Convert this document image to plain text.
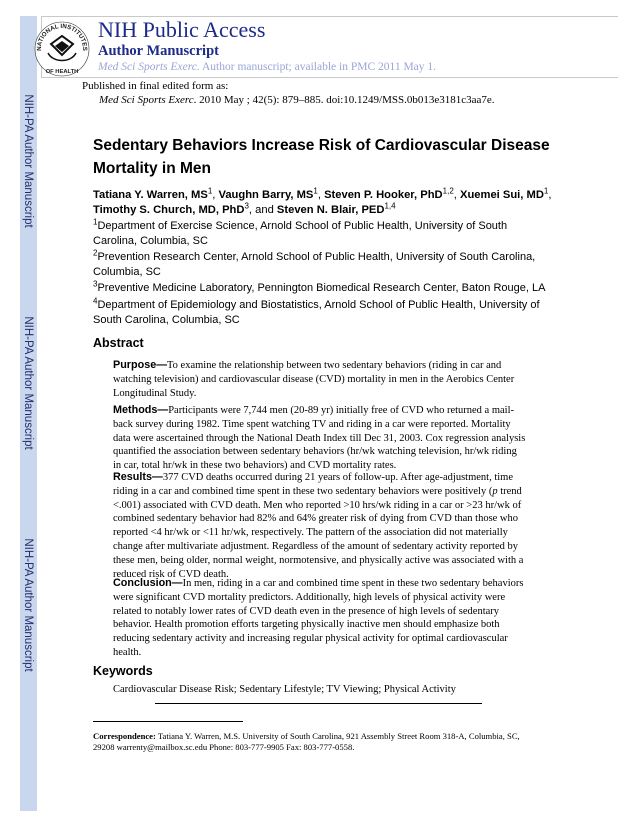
NIH-PA Author Manuscript
NIH-PA Author Manuscript
NIH-PA Author Manuscript
NATIONAL INSTITUTES
OF HEALTH
NIH Public Access
Author Manuscript
Med Sci Sports Exerc. Author manuscript; available in PMC 2011 May 1.
Published in final edited form as:
Med Sci Sports Exerc. 2010 May ; 42(5): 879–885. doi:10.1249/MSS.0b013e3181c3aa7e.
Sedentary Behaviors Increase Risk of Cardiovascular Disease Mortality in Men
Tatiana Y. Warren, $MS^1$, Vaughn Barry, $MS^1$, Steven P. Hooker, PhD$^{1,2}$, Xuemei Sui, $MD^1$,
Timothy S. Church, MD, PhD$^3$, and Steven N. Blair, PED$^{1,4}$
$^1$Department of Exercise Science, Arnold School of Public Health, University of South Carolina, Columbia, SC
$^2$Prevention Research Center, Arnold School of Public Health, University of South Carolina, Columbia, SC
$^3$Preventive Medicine Laboratory, Pennington Biomedical Research Center, Baton Rouge, LA
$^4$Department of Epidemiology and Biostatistics, Arnold School of Public Health, University of South Carolina, Columbia, SC
Abstract
Purpose—To examine the relationship between two sedentary behaviors (riding in car and watching television) and cardiovascular disease (CVD) mortality in men in the Aerobics Center Longitudinal Study.
Methods—Participants were 7,744 men (20-89 yr) initially free of CVD who returned a mail-back survey during 1982. Time spent watching TV and riding in a car were reported. Mortality data were ascertained through the National Death Index till Dec 31, 2003. Cox regression analysis quantified the association between sedentary behaviors (hr/wk watching television, hr/wk riding in car, total hr/wk in these two behaviors) and CVD mortality rates.
Results—377 CVD deaths occurred during 21 years of follow-up. After age-adjustment, time riding in a car and combined time spent in these two sedentary behaviors were positively (p trend <.001) associated with CVD death. Men who reported >10 hrs/wk riding in a car or >23 hr/wk of combined sedentary behavior had 82% and 64% greater risk of dying from CVD than those who reported <4 hr/wk or <11 hr/wk, respectively. The pattern of the association did not materially change after multivariate adjustment. Regardless of the amount of sedentary activity reported by these men, being older, normal weight, normotensive, and physically active was associated with a reduced risk of CVD death.
Conclusion—In men, riding in a car and combined time spent in these two sedentary behaviors were significant CVD mortality predictors. Additionally, high levels of physical activity were related to notably lower rates of CVD death even in the presence of high levels of sedentary behavior. Health promotion efforts targeting physically inactive men should emphasize both reducing sedentary activity and increasing regular physical activity for optimal cardiovascular health.
Keywords
Cardiovascular Disease Risk; Sedentary Lifestyle; TV Viewing; Physical Activity
Correspondence: Tatiana Y. Warren, M.S. University of South Carolina, 921 Assembly Street Room 318-A, Columbia, SC, 29208 warrenty@mailbox.sc.edu Phone: 803-777-9905 Fax: 803-777-0558.
